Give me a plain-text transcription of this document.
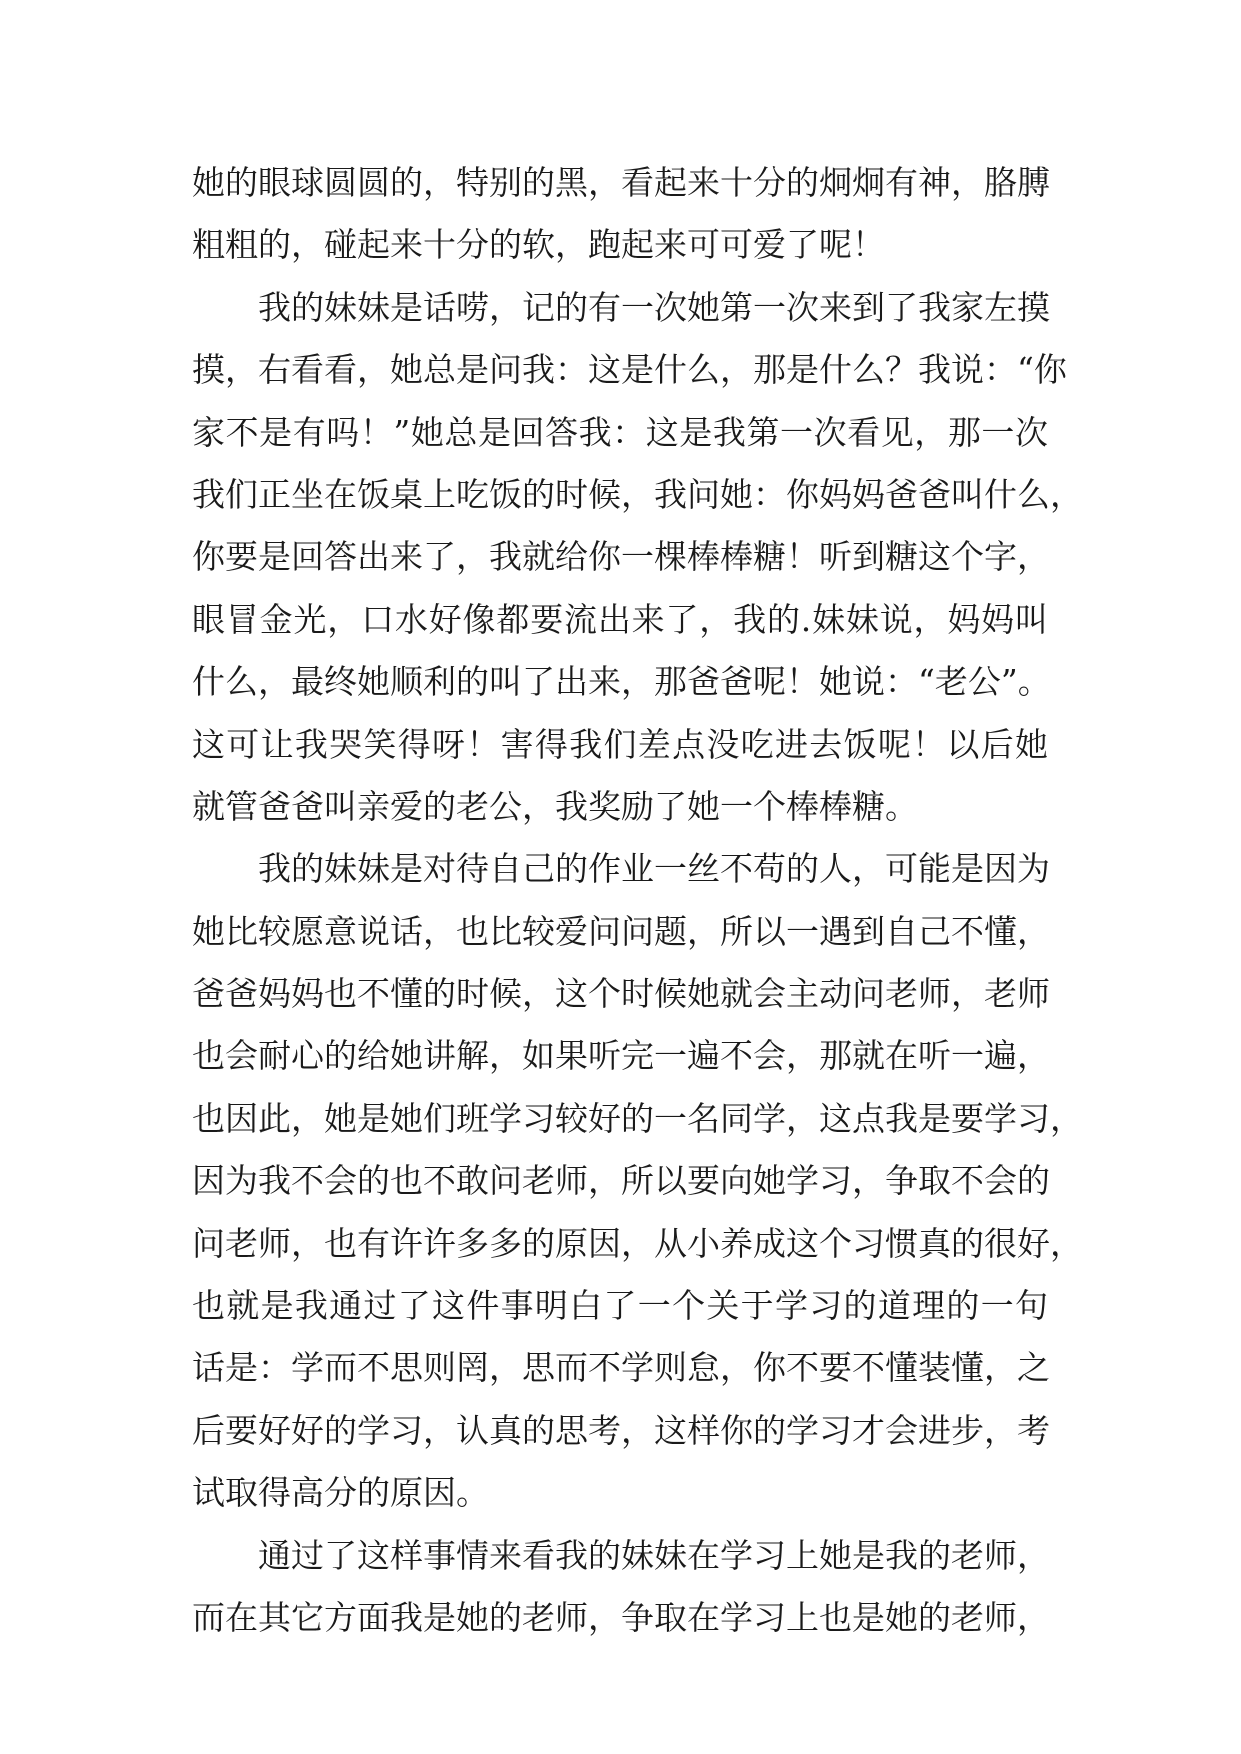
她的眼球圆圆的，特别的黑，看起来十分的炯炯有神，胳膊
粗粗的，碰起来十分的软，跑起来可可爱了呢！
我的妹妹是话唠，记的有一次她第一次来到了我家左摸
摸，右看看，她总是问我：这是什么，那是什么？我说：“你
家不是有吗！”她总是回答我：这是我第一次看见，那一次
我们正坐在饭桌上吃饭的时候，我问她：你妈妈爸爸叫什么，
你要是回答出来了，我就给你一棵棒棒糖！听到糖这个字，
眼冒金光，口水好像都要流出来了，我的.妹妹说，妈妈叫
什么，最终她顺利的叫了出来，那爸爸呢！她说：“老公”。
这可让我哭笑得呀！害得我们差点没吃进去饭呢！以后她
就管爸爸叫亲爱的老公，我奖励了她一个棒棒糖。
我的妹妹是对待自己的作业一丝不苟的人，可能是因为
她比较愿意说话，也比较爱问问题，所以一遇到自己不懂，
爸爸妈妈也不懂的时候，这个时候她就会主动问老师，老师
也会耐心的给她讲解，如果听完一遍不会，那就在听一遍，
也因此，她是她们班学习较好的一名同学，这点我是要学习，
因为我不会的也不敢问老师，所以要向她学习，争取不会的
问老师，也有许许多多的原因，从小养成这个习惯真的很好，
也就是我通过了这件事明白了一个关于学习的道理的一句
话是：学而不思则罔，思而不学则怠，你不要不懂装懂，之
后要好好的学习，认真的思考，这样你的学习才会进步，考
试取得高分的原因。
通过了这样事情来看我的妹妹在学习上她是我的老师，
而在其它方面我是她的老师，争取在学习上也是她的老师，
